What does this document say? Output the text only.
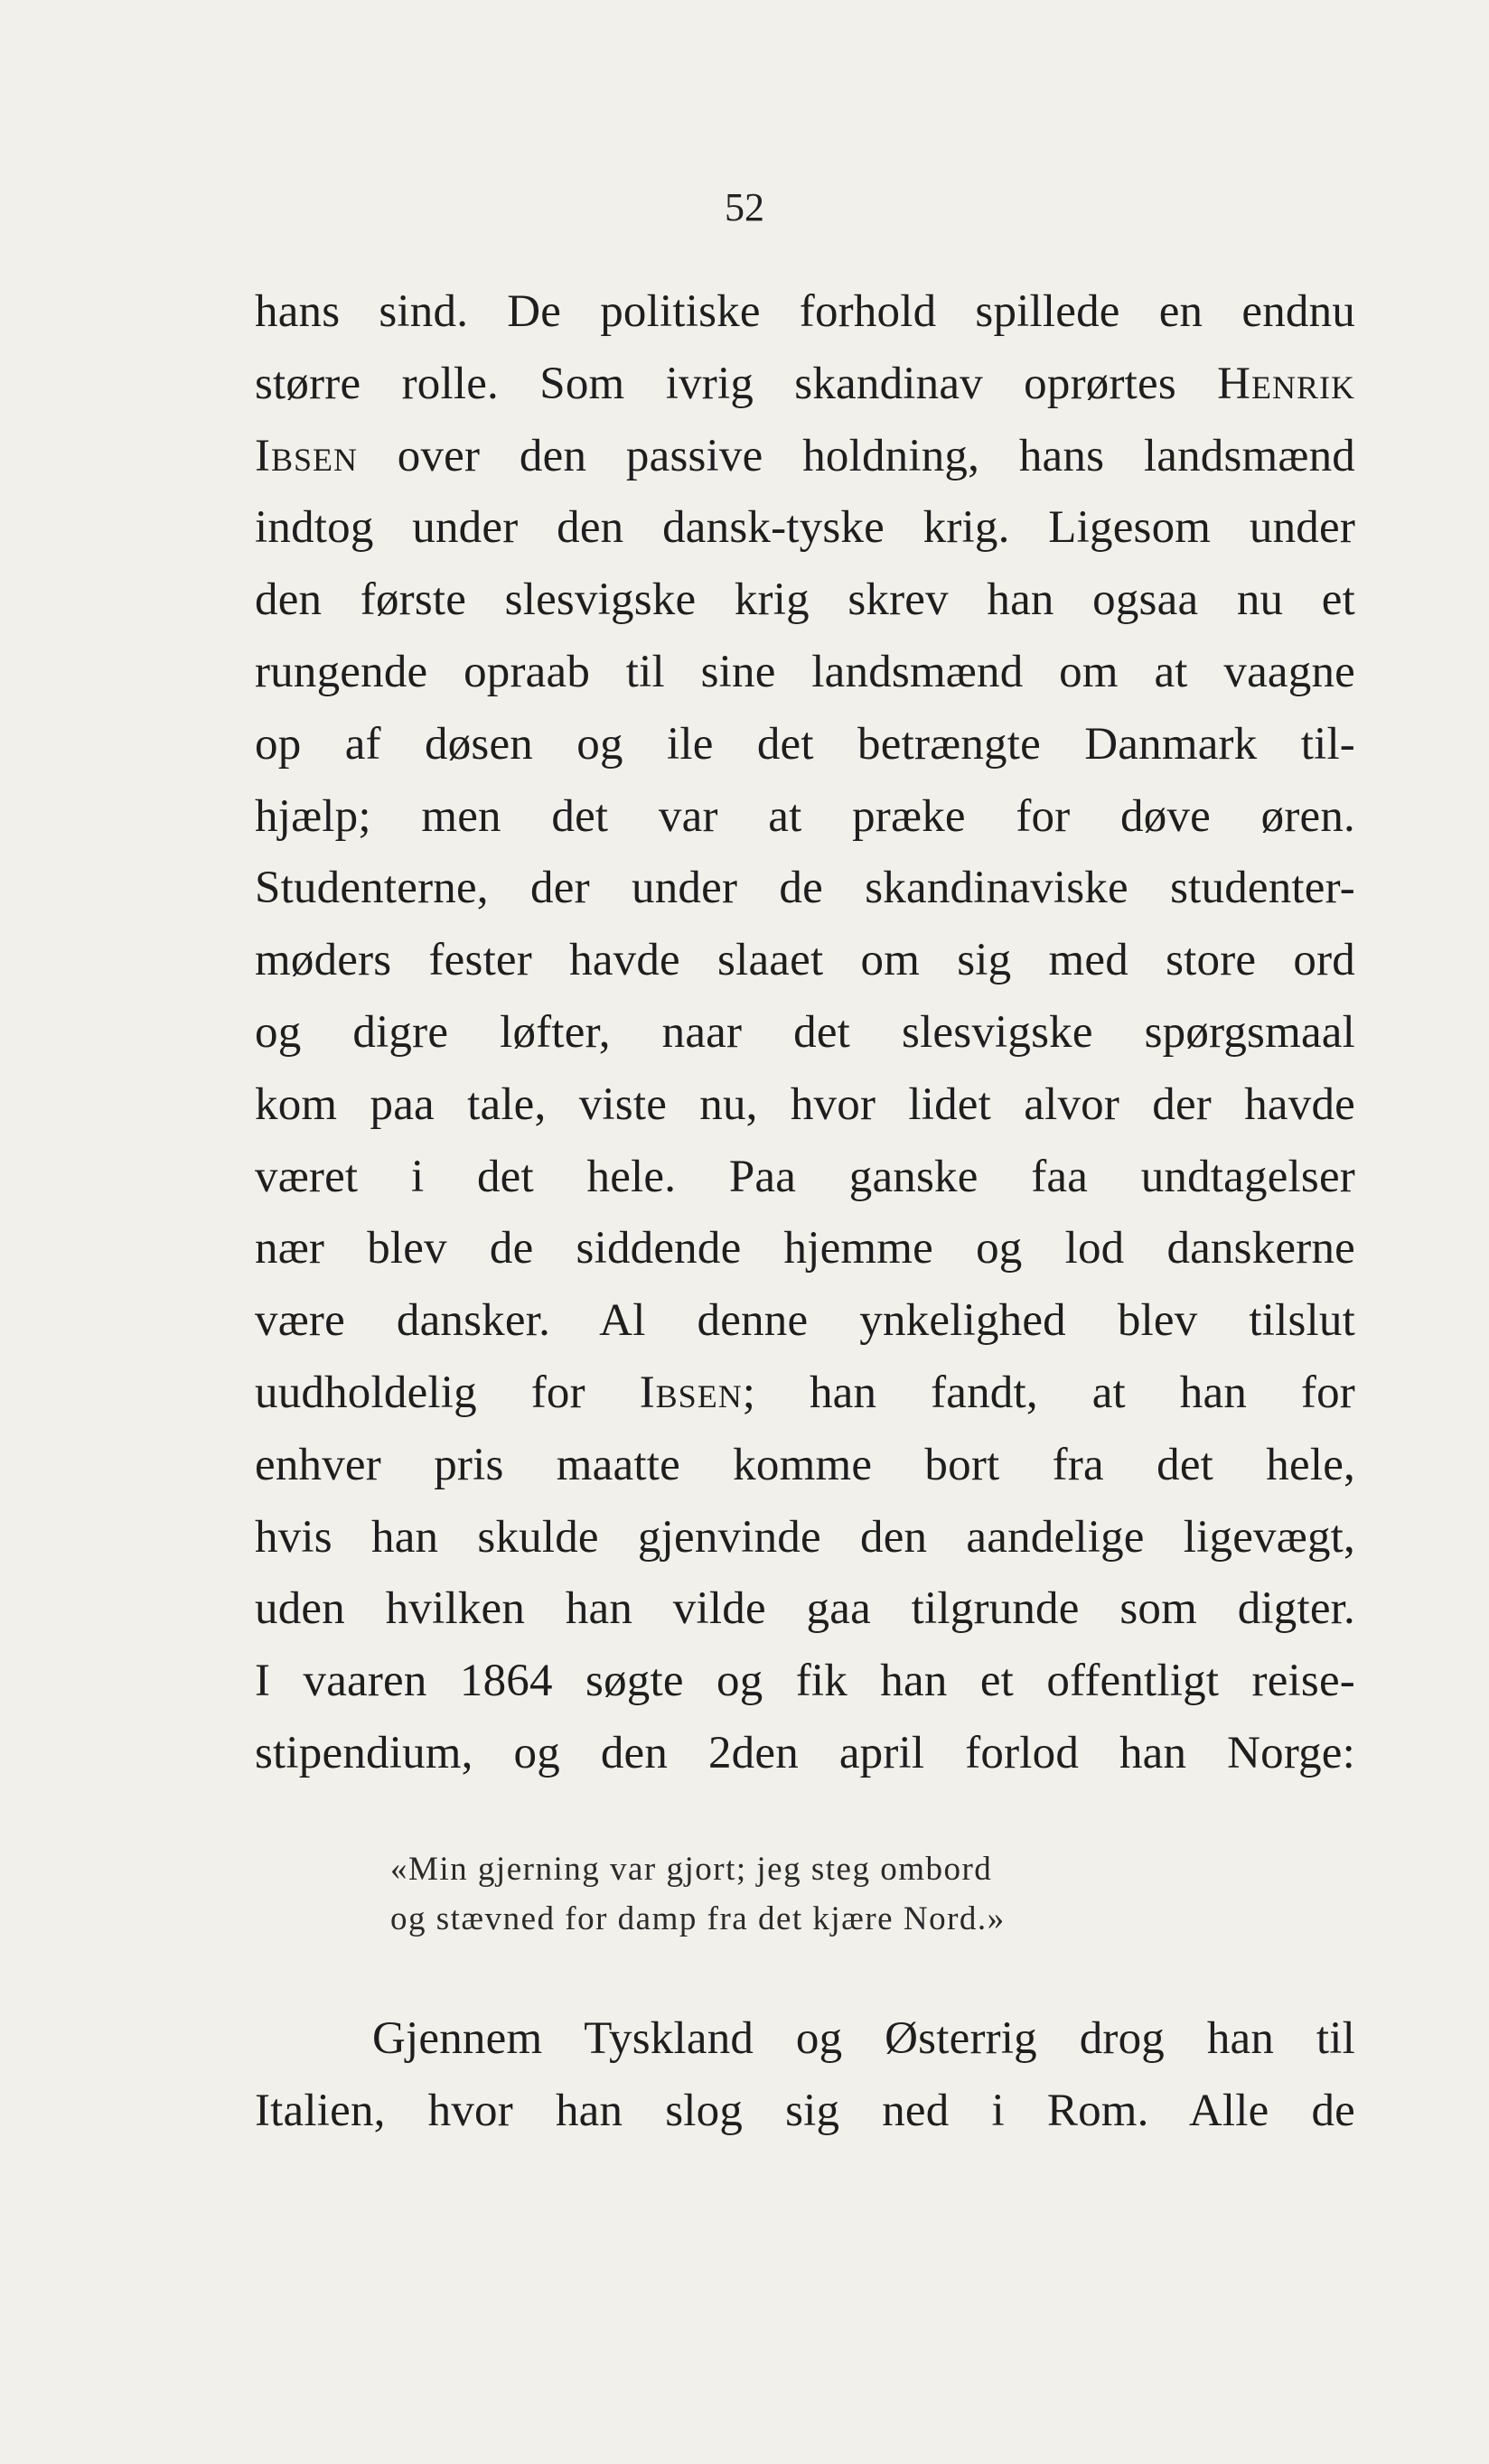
52
hans sind. De politiske forhold spillede en endnu
større rolle. Som ivrig skandinav oprørtes Henrik
Ibsen over den passive holdning, hans landsmænd
indtog under den dansk-tyske krig. Ligesom under
den første slesvigske krig skrev han ogsaa nu et
rungende opraab til sine landsmænd om at vaagne
op af døsen og ile det betrængte Danmark til-
hjælp; men det var at præke for døve øren.
Studenterne, der under de skandinaviske studenter-
møders fester havde slaaet om sig med store ord
og digre løfter, naar det slesvigske spørgsmaal
kom paa tale, viste nu, hvor lidet alvor der havde
været i det hele. Paa ganske faa undtagelser
nær blev de siddende hjemme og lod danskerne
være dansker. Al denne ynkelighed blev tilslut
uudholdelig for Ibsen; han fandt, at han for
enhver pris maatte komme bort fra det hele,
hvis han skulde gjenvinde den aandelige ligevægt,
uden hvilken han vilde gaa tilgrunde som digter.
I vaaren 1864 søgte og fik han et offentligt reise-
stipendium, og den 2den april forlod han Norge:
«Min gjerning var gjort; jeg steg ombord
og stævned for damp fra det kjære Nord.»
Gjennem Tyskland og Østerrig drog han til
Italien, hvor han slog sig ned i Rom. Alle de
